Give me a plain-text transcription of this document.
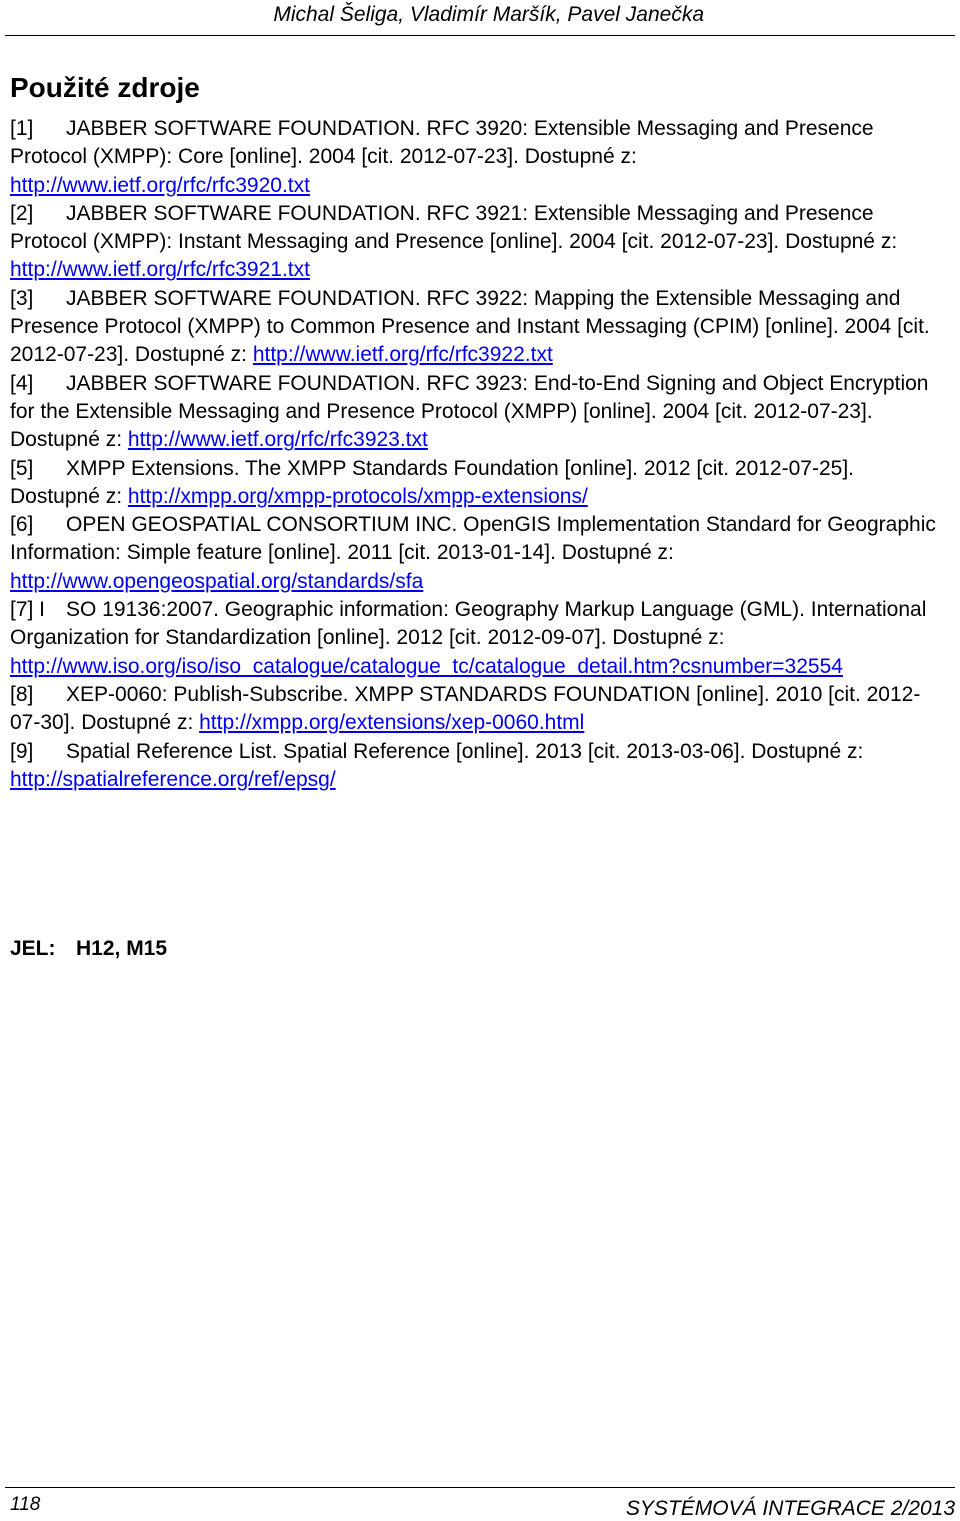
Michal Šeliga, Vladimír Maršík, Pavel Janečka
Použité zdroje

[1] JABBER SOFTWARE FOUNDATION. RFC 3920: Extensible Messaging and Presence Protocol (XMPP): Core [online]. 2004 [cit. 2012-07-23]. Dostupné z: http://www.ietf.org/rfc/rfc3920.txt

[2] JABBER SOFTWARE FOUNDATION. RFC 3921: Extensible Messaging and Presence Protocol (XMPP): Instant Messaging and Presence [online]. 2004 [cit. 2012-07-23]. Dostupné z: http://www.ietf.org/rfc/rfc3921.txt

[3] JABBER SOFTWARE FOUNDATION. RFC 3922: Mapping the Extensible Messaging and Presence Protocol (XMPP) to Common Presence and Instant Messaging (CPIM) [online]. 2004 [cit. 2012-07-23]. Dostupné z: http://www.ietf.org/rfc/rfc3922.txt

[4] JABBER SOFTWARE FOUNDATION. RFC 3923: End-to-End Signing and Object Encryption for the Extensible Messaging and Presence Protocol (XMPP) [online]. 2004 [cit. 2012-07-23]. Dostupné z: http://www.ietf.org/rfc/rfc3923.txt

[5] XMPP Extensions. The XMPP Standards Foundation [online]. 2012 [cit. 2012-07-25]. Dostupné z: http://xmpp.org/xmpp-protocols/xmpp-extensions/

[6] OPEN GEOSPATIAL CONSORTIUM INC. OpenGIS Implementation Standard for Geographic Information: Simple feature [online]. 2011 [cit. 2013-01-14]. Dostupné z: http://www.opengeospatial.org/standards/sfa

[7] I SO 19136:2007. Geographic information: Geography Markup Language (GML). International Organization for Standardization [online]. 2012 [cit. 2012-09-07]. Dostupné z: http://www.iso.org/iso/iso_catalogue/catalogue_tc/catalogue_detail.htm?csnumber=32554

[8] XEP-0060: Publish-Subscribe. XMPP STANDARDS FOUNDATION [online]. 2010 [cit. 2012-07-30]. Dostupné z: http://xmpp.org/extensions/xep-0060.html

[9] Spatial Reference List. Spatial Reference [online]. 2013 [cit. 2013-03-06]. Dostupné z: http://spatialreference.org/ref/epsg/

JEL: H12, M15
118	SYSTÉMOVÁ INTEGRACE 2/2013
